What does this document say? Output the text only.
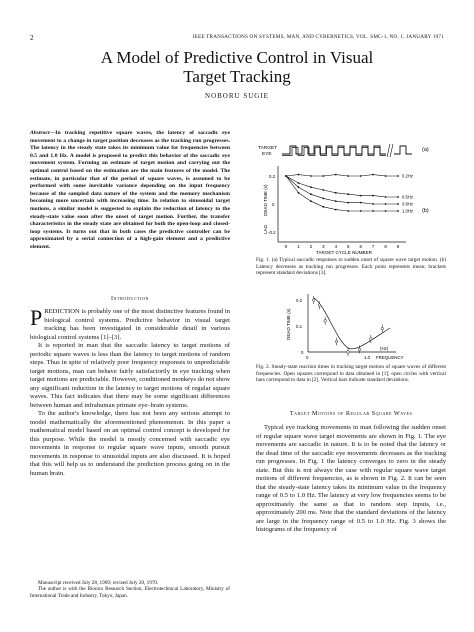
2	IEEE TRANSACTIONS ON SYSTEMS, MAN, AND CYBERNETICS, VOL. SMC-1, NO. 1, JANUARY 1971
A Model of Predictive Control in Visual
Target Tracking
NOBORU SUGIE
Abstract—In tracking repetitive square waves, the latency of saccadic eye movement to a change in target position decreases as the tracking run progresses. The latency in the steady state takes its minimum value for frequencies between 0.5 and 1.0 Hz. A model is proposed to predict this behavior of the saccadic eye movement system. Forming an estimate of target motion and carrying out the optimal control based on the estimation are the main features of the model. The estimate, in particular that of the period of square waves, is assumed to be performed with some inevitable variance depending on the input frequency because of the sampled data nature of the system and the memory mechanism becoming more uncertain with increasing time. In relation to sinusoidal target motions, a similar model is suggested to explain the reduction of latency to the steady-state value soon after the onset of target motion. Further, the transfer characteristics in the steady state are obtained for both the open-loop and closed-loop systems. It turns out that in both cases the predictive controller can be approximated by a serial connection of a high-gain element and a predictive element.
Introduction

PREDICTION is probably one of the most distinctive features found in biological control systems. Predictive behavior in visual target tracking has been investigated in considerable detail in various biological control systems [1]–[3].

It is reported in man that the saccadic latency to target motions of periodic square waves is less than the latency to target motions of random steps. Thus in spite of relatively poor frequency responses to unpredictable target motions, man can behave fairly satisfactorily in eye tracking when target motions are predictable. However, conditioned monkeys do not show any significant reduction in the latency to target motions of regular square waves. This fact indicates that there may be some significant differences between human and infrahuman primate eye–brain systems.

To the author's knowledge, there has not been any serious attempt to model mathematically the aforementioned phenomenon. In this paper a mathematical model based on an optimal control concept is developed for this purpose. While the model is mostly concerned with saccadic eye movements in response to regular square wave inputs, smooth pursuit movements in response to sinusoidal inputs are also discussed. It is hoped that this will help us to understand the prediction process going on in the human brain.

Manuscript received July 28, 1969; revised July 20, 1970.

The author is with the Bionics Research Section, Electrotechnical Laboratory, Ministry of International Trade and Industry, Tokyo, Japan.

TARGET
EYE
(a)
DEAD TIME (s)
LAG
0.2
0
-0.2
0 1 2 3 4 5 6 7 8 9
0.2Hz
0.5Hz
0.8Hz
1.0Hz
TARGET CYCLE NUMBER
(b)
Fig. 1. (a) Typical saccadic responses to sudden onset of square wave target motion. (b) Latency decreases as tracking run progresses. Each point represents mean; brackets represent standard deviations [3].
DEAD TIME (s)
0.2
0.1
0
0	1.0
(Hz)
FREQUENCY
Fig. 2. Steady-state reaction times in tracking target motion of square waves of different frequencies. Open squares correspond to data obtained in [1]; open circles with vertical bars correspond to data in [2]. Vertical bars indicate standard deviations.
Target Motions of Regular Square Waves

Typical eye tracking movements in man following the sudden onset of regular square wave target movements are shown in Fig. 1. The eye movements are saccadic in nature. It is to be noted that the latency or the dead time of the saccadic eye movements decreases as the tracking run progresses. In Fig. 1 the latency converges to zero in the steady state. But this is not always the case with regular square wave target motions of different frequencies, as is shown in Fig. 2. It can be seen that the steady-state latency takes its minimum value in the frequency range of 0.5 to 1.0 Hz. The latency at very low frequencies seems to be approximately the same as that to random step inputs, i.e., approximately 200 ms. Note that the standard deviations of the latency are large in the frequency range of 0.5 to 1.0 Hz. Fig. 3 shows the histograms of the frequency of
